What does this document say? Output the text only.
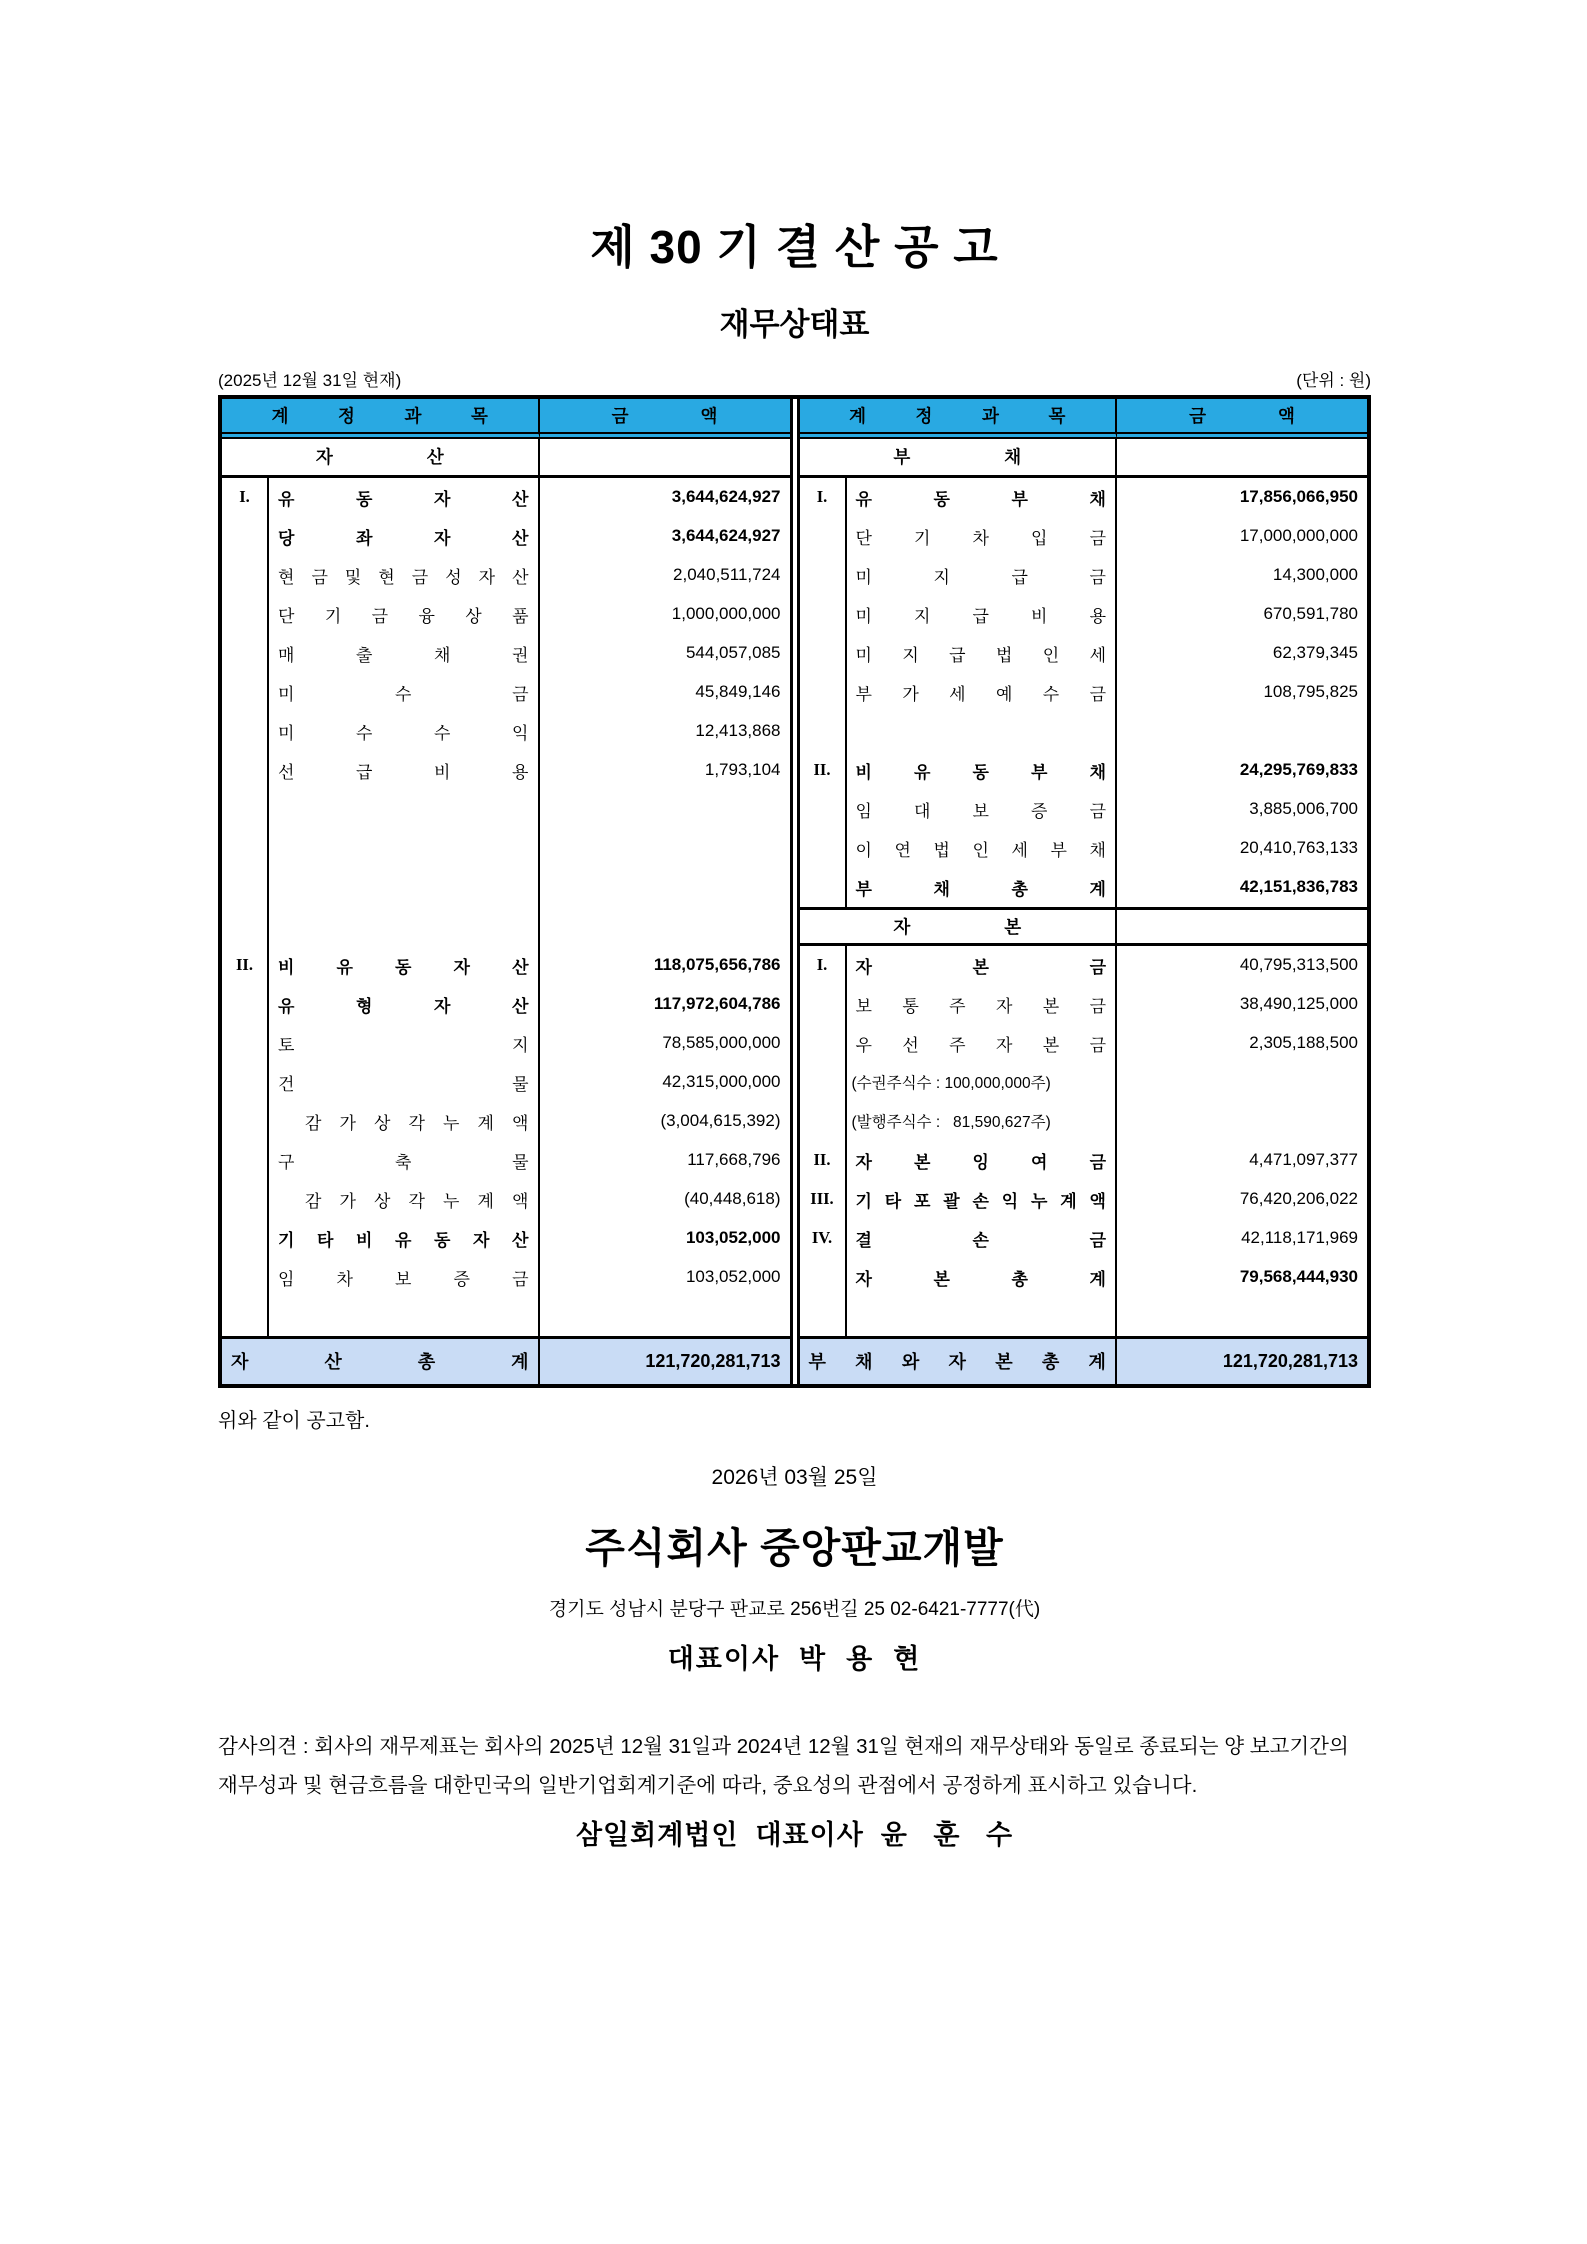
제 30 기 결 산 공 고
재무상태표
(2025년 12월 31일 현재)	(단위 : 원)
계	정	과	목	금	액
자	산
I.	유	동	자	산	3,644,624,927
당	좌	자	산	3,644,624,927
현 금 및 현 금 성 자 산	2,040,511,724
단 기 금 융 상 품	1,000,000,000
매	출	채	권	544,057,085
미	수	금	45,849,146
미	수	수	익	12,413,868
선	급	비	용	1,793,104
II.	비 유 동 자 산	118,075,656,786
유	형	자	산	117,972,604,786
토	지	78,585,000,000
건	물	42,315,000,000
감 가 상 각 누 계 액	(3,004,615,392)
구	축	물	117,668,796
감 가 상 각 누 계 액	(40,448,618)
기 타 비 유 동 자 산	103,052,000
임 차 보 증 금	103,052,000
자	산	총	계	121,720,281,713
계	정	과	목	금	액
부	채
I.	유	동	부	채	17,856,066,950
단 기 차 입 금	17,000,000,000
미	지	급	금	14,300,000
미 지 급 비 용	670,591,780
미 지 급 법 인 세	62,379,345
부 가 세 예 수 금	108,795,825
II.	비 유 동 부 채	24,295,769,833
임 대 보 증 금	3,885,006,700
이 연 법 인 세 부 채	20,410,763,133
부	채	총	계	42,151,836,783
자	본
I.	자	본	금	40,795,313,500
보 통 주 자 본 금	38,490,125,000
우 선 주 자 본 금	2,305,188,500
(수권주식수 : 100,000,000주)
(발행주식수 :   81,590,627주)
II.	자 본 잉 여 금	4,471,097,377
III.	기 타 포 괄 손 익 누 계 액	76,420,206,022
IV.	결	손	금	42,118,171,969
자	본	총	계	79,568,444,930
부 채 와 자 본 총 계	121,720,281,713

위와 같이 공고함.

2026년 03월 25일
주식회사 중앙판교개발
경기도 성남시 분당구 판교로 256번길 25 02-6421-7777(代)
대표이사  박  용  현

감사의견 : 회사의 재무제표는 회사의 2025년 12월 31일과 2024년 12월 31일 현재의 재무상태와 동일로 종료되는 양 보고기간의 재무성과 및 현금흐름을 대한민국의 일반기업회계기준에 따라, 중요성의 관점에서 공정하게 표시하고 있습니다.

삼일회계법인  대표이사  윤   훈   수
